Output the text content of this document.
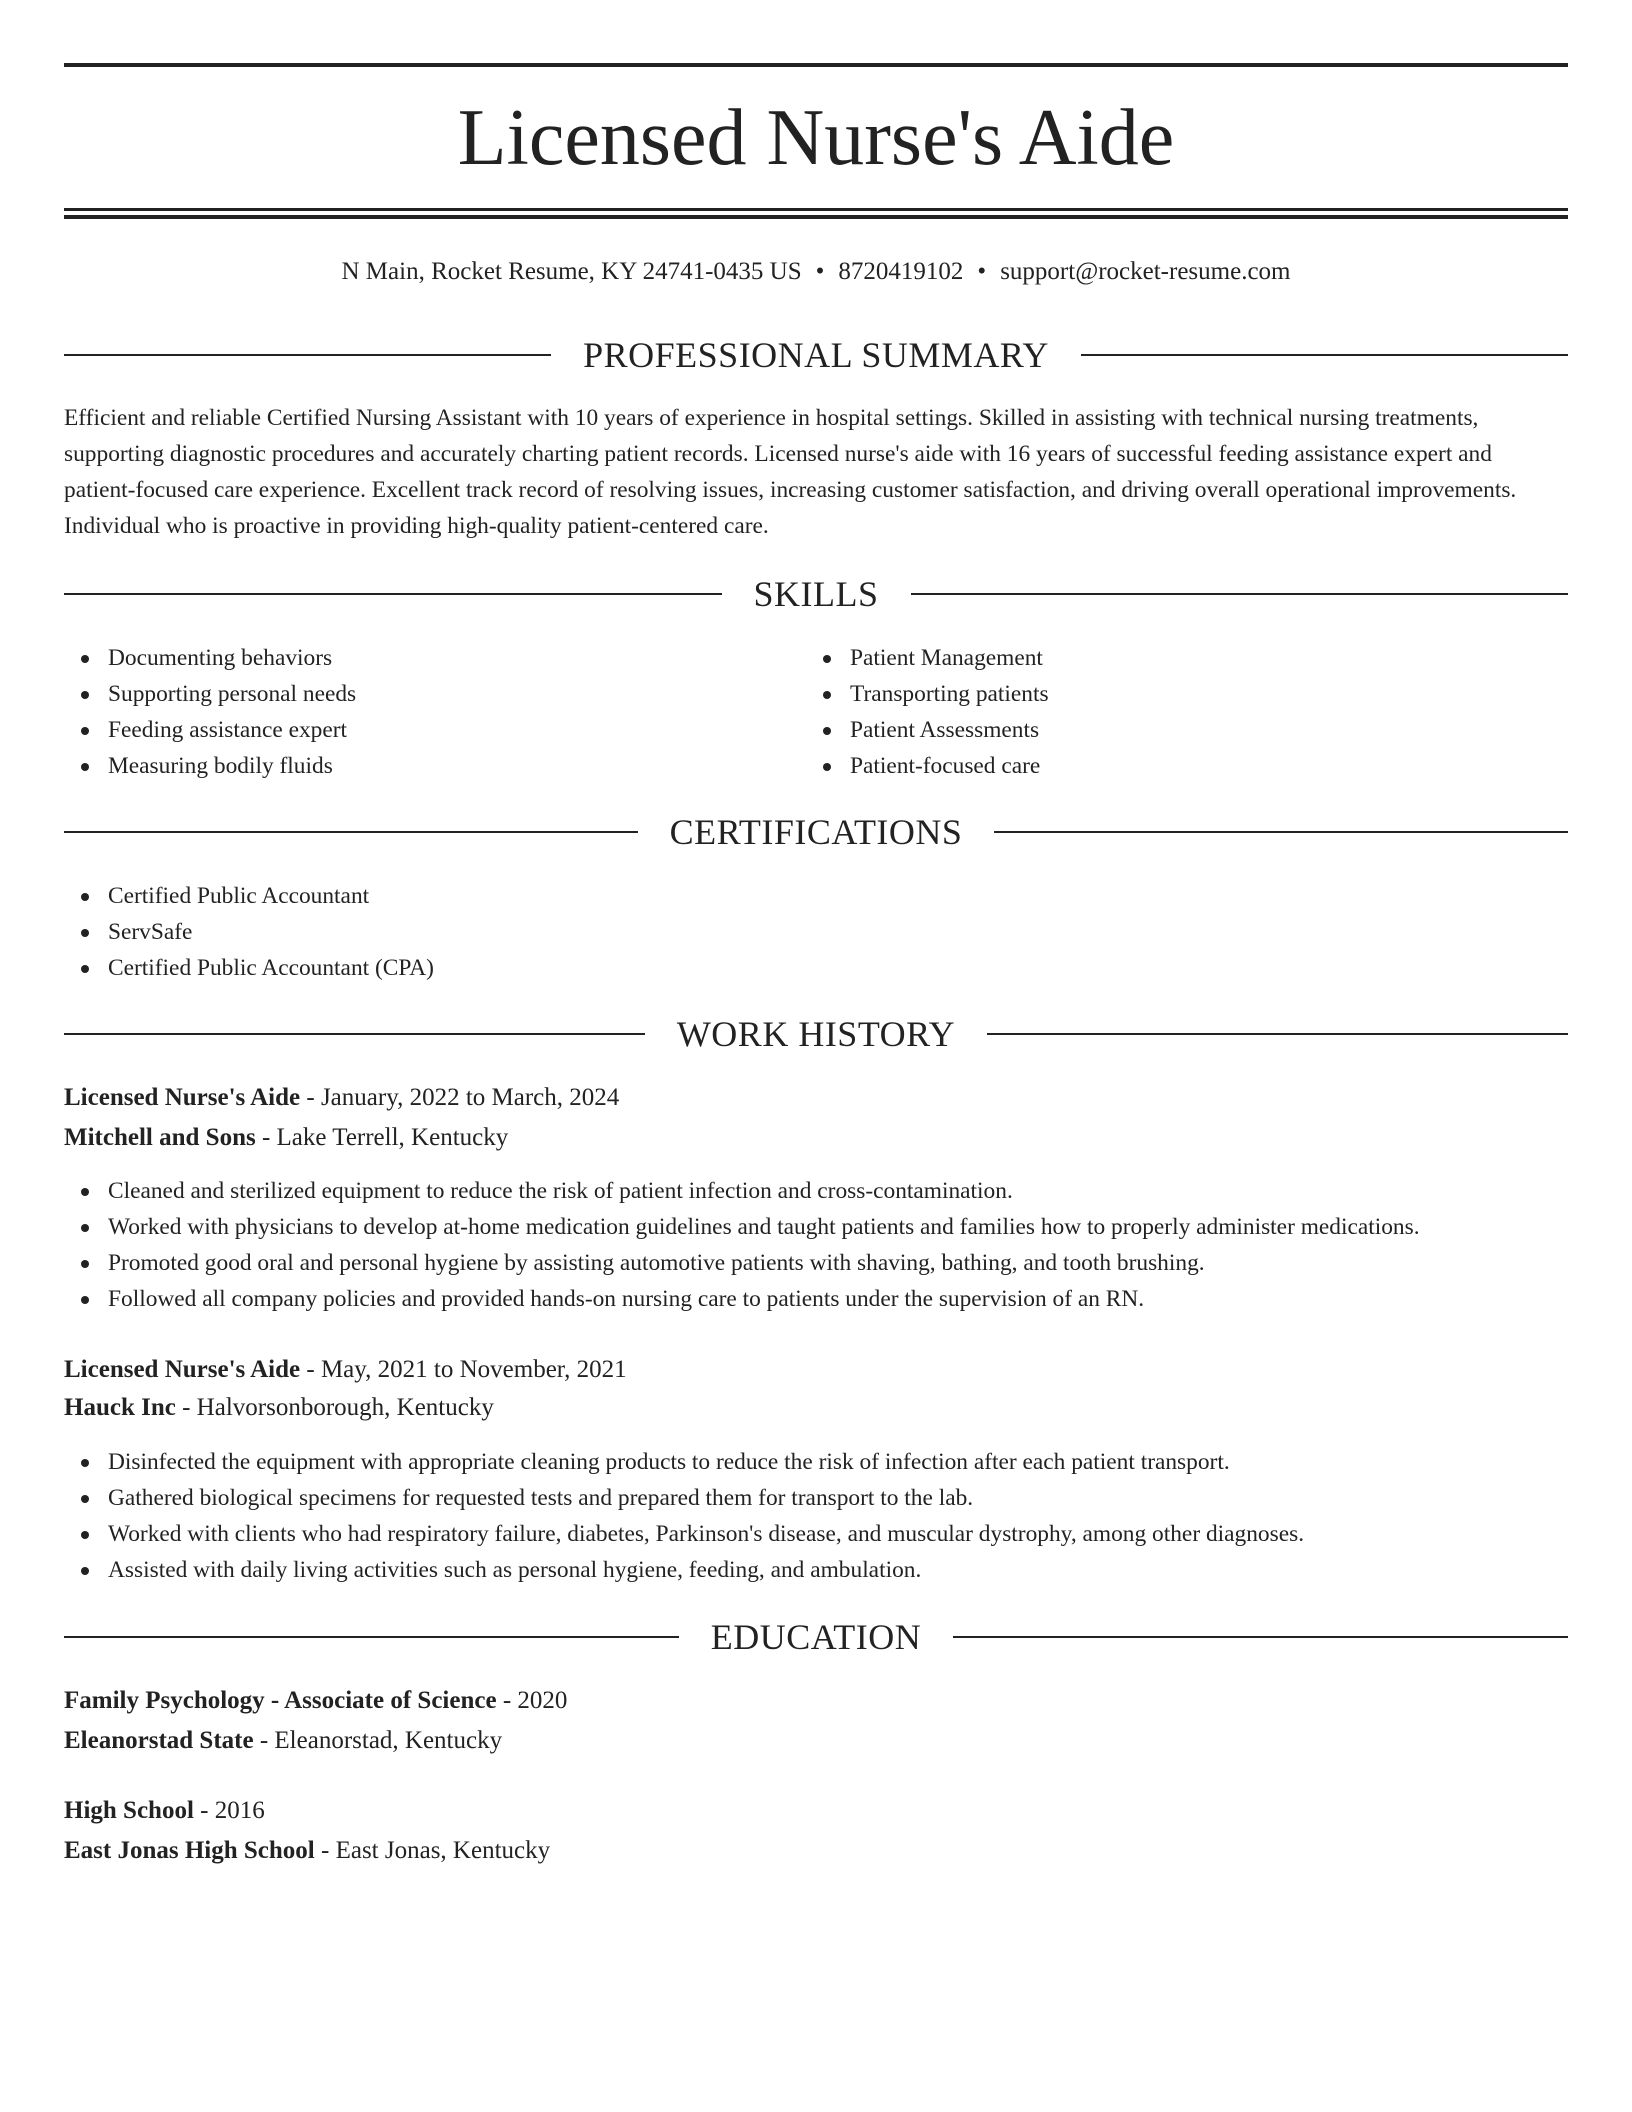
Licensed Nurse's Aide
N Main, Rocket Resume, KY 24741-0435 US • 8720419102 • support@rocket-resume.com
PROFESSIONAL SUMMARY

Efficient and reliable Certified Nursing Assistant with 10 years of experience in hospital settings. Skilled in assisting with technical nursing treatments, supporting diagnostic procedures and accurately charting patient records. Licensed nurse's aide with 16 years of successful feeding assistance expert and patient-focused care experience. Excellent track record of resolving issues, increasing customer satisfaction, and driving overall operational improvements. Individual who is proactive in providing high-quality patient-centered care.

SKILLS
Documenting behaviors
Supporting personal needs
Feeding assistance expert
Measuring bodily fluids
Patient Management
Transporting patients
Patient Assessments
Patient-focused care
CERTIFICATIONS
Certified Public Accountant
ServSafe
Certified Public Accountant (CPA)
WORK HISTORY
Licensed Nurse's Aide - January, 2022 to March, 2024
Mitchell and Sons - Lake Terrell, Kentucky
Cleaned and sterilized equipment to reduce the risk of patient infection and cross-contamination.
Worked with physicians to develop at-home medication guidelines and taught patients and families how to properly administer medications.
Promoted good oral and personal hygiene by assisting automotive patients with shaving, bathing, and tooth brushing.
Followed all company policies and provided hands-on nursing care to patients under the supervision of an RN.
Licensed Nurse's Aide - May, 2021 to November, 2021
Hauck Inc - Halvorsonborough, Kentucky
Disinfected the equipment with appropriate cleaning products to reduce the risk of infection after each patient transport.
Gathered biological specimens for requested tests and prepared them for transport to the lab.
Worked with clients who had respiratory failure, diabetes, Parkinson's disease, and muscular dystrophy, among other diagnoses.
Assisted with daily living activities such as personal hygiene, feeding, and ambulation.
EDUCATION
Family Psychology - Associate of Science - 2020
Eleanorstad State - Eleanorstad, Kentucky
High School - 2016
East Jonas High School - East Jonas, Kentucky
